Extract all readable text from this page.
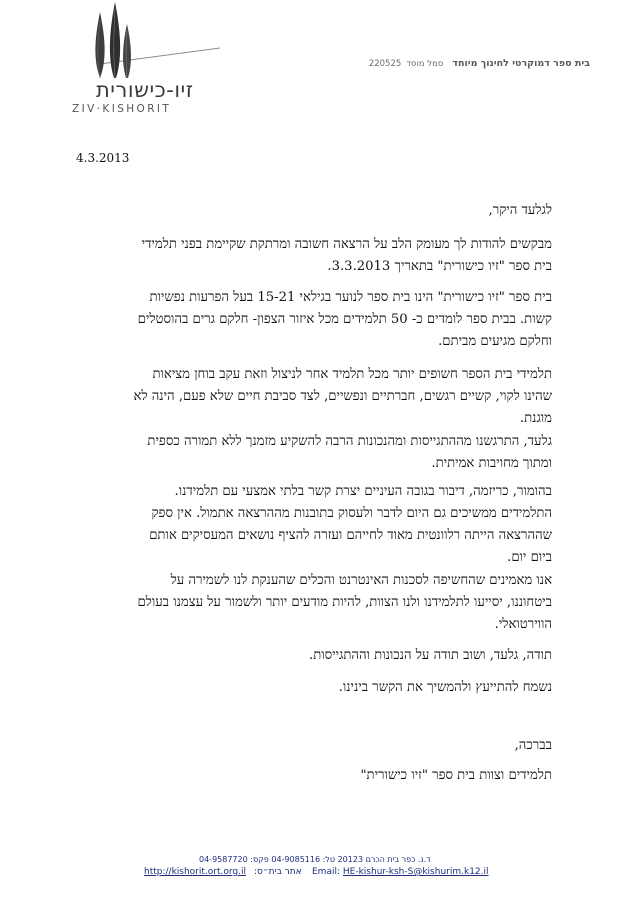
זיו-כישורית
ZIV·KISHORIT
בית ספר דמוקרטי לחינוך מיוחד סמל מוסד 220525
4.3.2013
לגלעד היקר,
מבקשים להודות לך מעומק הלב על הרצאה חשובה ומרתקת שקיימת בפני תלמידי
בית ספר "זיו כישורית" בתאריך 3.3.2013.
בית ספר "זיו כישורית" הינו בית ספר לנוער בגילאי 15-21 בעל הפרעות נפשיות
קשות. בבית ספר לומדים כ- 50 תלמידים מכל איזור הצפון- חלקם גרים בהוסטלים
וחלקם מגיעים מביתם.
תלמידי בית הספר חשופים יותר מכל תלמיד אחר לניצול וזאת עקב בוחן מציאות
שהינו לקוי, קשיים רגשים, חברתיים ונפשיים, לצד סביבת חיים שלא פעם, הינה לא
מוגנת.
גלעד, התרגשנו מההתגייסות ומהנכונות הרבה להשקיע מזמנך ללא תמורה כספית
ומתוך מחויבות אמיתית.
בהומור, כריזמה, דיבור בגובה העיניים יצרת קשר בלתי אמצעי עם תלמידנו.
התלמידים ממשיכים גם היום לדבר ולעסוק בתובנות מההרצאה אתמול. אין ספק
שההרצאה הייתה רלוונטית מאוד לחייהם ועזרה להציף נושאים המעסיקים אותם
ביום יום.
אנו מאמינים שהחשיפה לסכנות האינטרנט והכלים שהענקת לנו לשמירה על
ביטחוננו, יסייעו לתלמידנו ולנו הצוות, להיות מודעים יותר ולשמור על עצמנו בעולם
הווירטואלי.
תודה, גלעד, ושוב תודה על הנכונות וההתגייסות.
נשמח להתייעץ ולהמשיך את הקשר בינינו.
בברכה,
תלמידים וצוות בית ספר "זיו כישורית"
ד.נ. כפר בית הכרם 20123 טל: 04-9085116 פקס: 04-9587720
http://kishorit.ort.org.il אתר בית״ס: Email: HE-kishur-ksh-S@kishurim.k12.il
